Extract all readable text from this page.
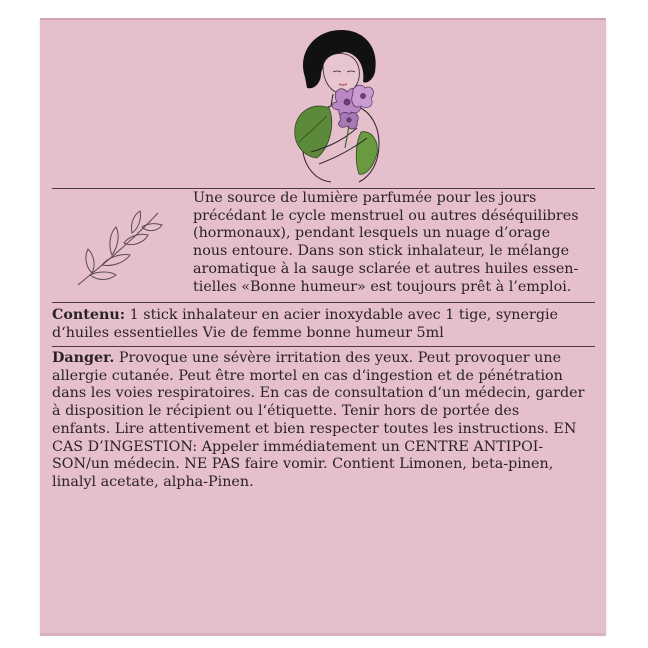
Une source de lumière parfumée pour les jours
précédant le cycle menstruel ou autres déséquilibres
(hormonaux), pendant lesquels un nuage d’orage
nous entoure. Dans son stick inhalateur, le mélange
aromatique à la sauge sclarée et autres huiles essen-
tielles «Bonne humeur» est toujours prêt à l’emploi.
Contenu: 1 stick inhalateur en acier inoxydable avec 1 tige, synergie
d‘huiles essentielles Vie de femme bonne humeur 5ml
Danger. Provoque une sévère irritation des yeux. Peut provoquer une
allergie cutanée. Peut être mortel en cas d‘ingestion et de pénétration
dans les voies respiratoires. En cas de consultation d‘un médecin, garder
à disposition le récipient ou l‘étiquette. Tenir hors de portée des
enfants. Lire attentivement et bien respecter toutes les instructions. EN
CAS D’INGESTION: Appeler immédiatement un CENTRE ANTIPOI-
SON/un médecin. NE PAS faire vomir. Contient Limonen, beta-pinen,
linalyl acetate, alpha-Pinen.
